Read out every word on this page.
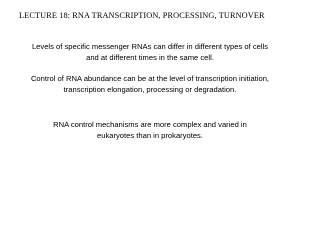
LECTURE 18: RNA TRANSCRIPTION, PROCESSING, TURNOVER
Levels of specific messenger RNAs can differ in different types of cells
and at different times in the same cell.
Control of RNA abundance can be at the level of transcription initiation,
transcription elongation, processing or degradation.
RNA control mechanisms are more complex and varied in
eukaryotes than in prokaryotes.
